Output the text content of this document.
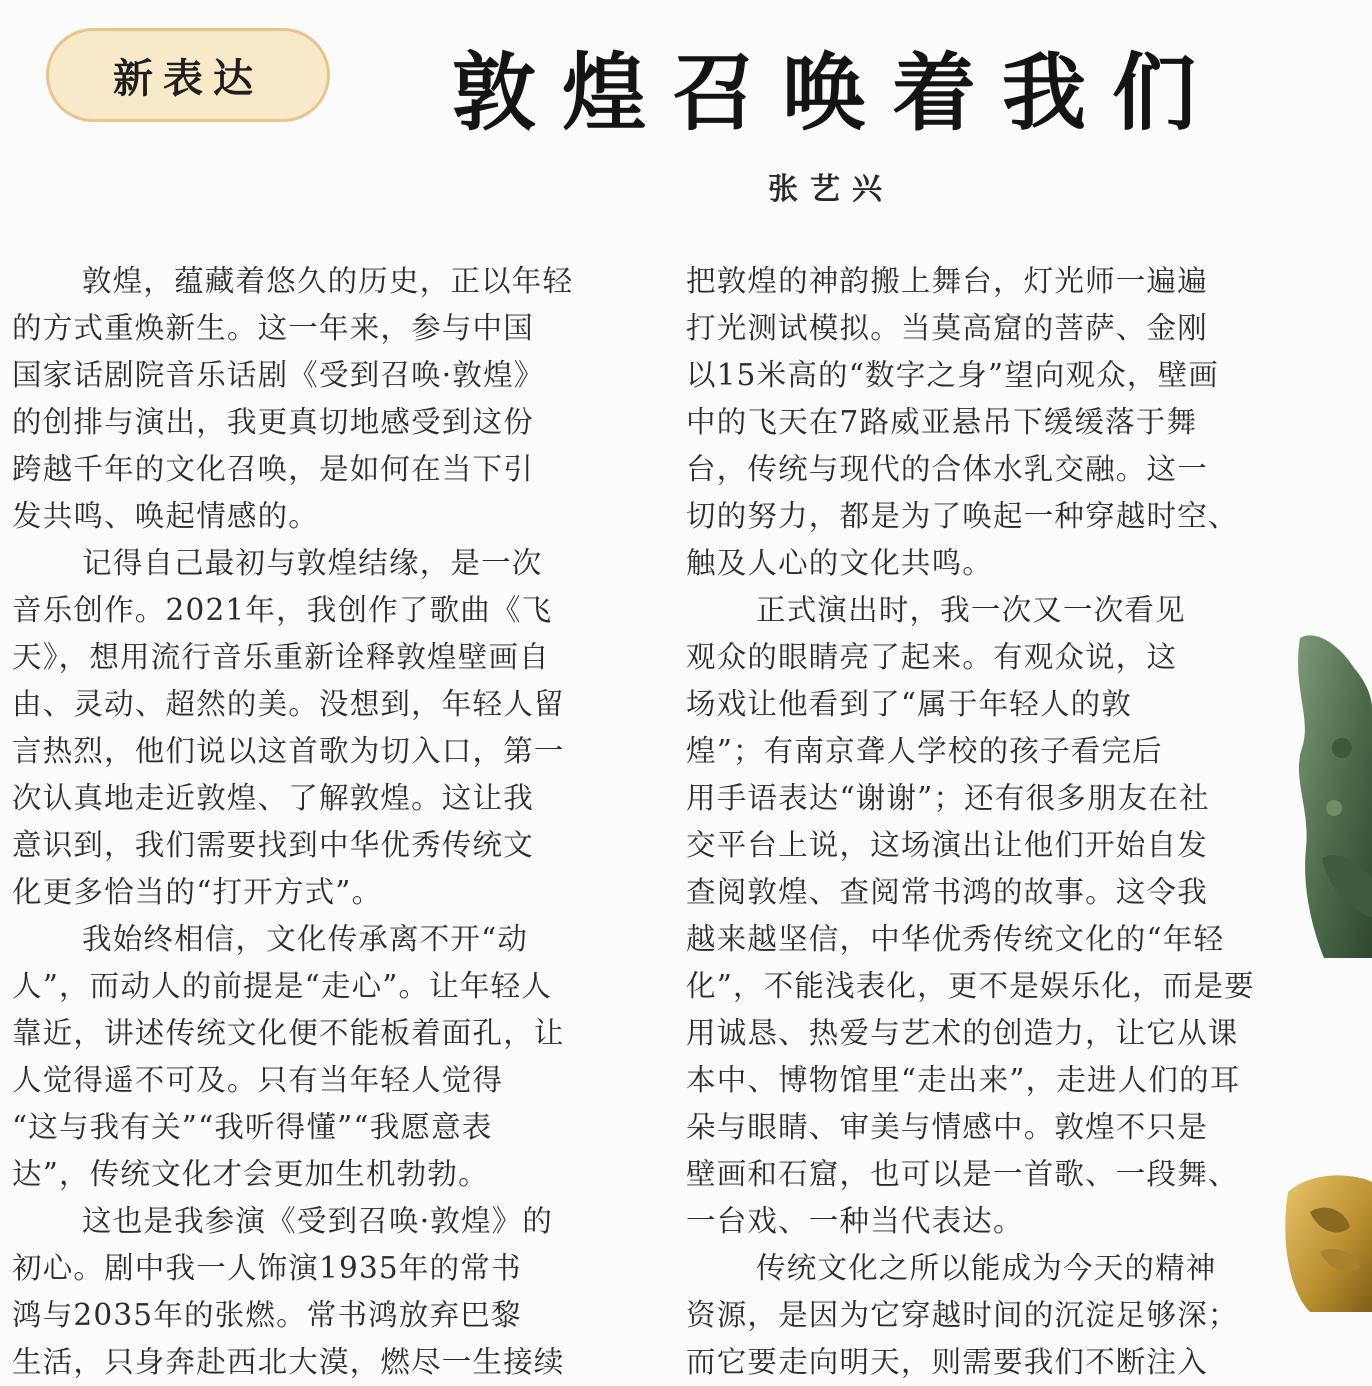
新表达	敦煌召唤着我们
张艺兴
敦煌，蕴藏着悠久的历史，正以年轻
的方式重焕新生。这一年来，参与中国
国家话剧院音乐话剧《受到召唤·敦煌》
的创排与演出，我更真切地感受到这份
跨越千年的文化召唤，是如何在当下引
发共鸣、唤起情感的。
记得自己最初与敦煌结缘，是一次
音乐创作。2021年，我创作了歌曲《飞
天》，想用流行音乐重新诠释敦煌壁画自
由、灵动、超然的美。没想到，年轻人留
言热烈，他们说以这首歌为切入口，第一
次认真地走近敦煌、了解敦煌。这让我
意识到，我们需要找到中华优秀传统文
化更多恰当的“打开方式”。
我始终相信，文化传承离不开“动
人”，而动人的前提是“走心”。让年轻人
靠近，讲述传统文化便不能板着面孔，让
人觉得遥不可及。只有当年轻人觉得
“这与我有关”“我听得懂”“我愿意表
达”，传统文化才会更加生机勃勃。
这也是我参演《受到召唤·敦煌》的
初心。剧中我一人饰演1935年的常书
鸿与2035年的张燃。常书鸿放弃巴黎
生活，只身奔赴西北大漠，燃尽一生接续
把敦煌的神韵搬上舞台，灯光师一遍遍
打光测试模拟。当莫高窟的菩萨、金刚
以15米高的“数字之身”望向观众，壁画
中的飞天在7路威亚悬吊下缓缓落于舞
台，传统与现代的合体水乳交融。这一
切的努力，都是为了唤起一种穿越时空、
触及人心的文化共鸣。
正式演出时，我一次又一次看见
观众的眼睛亮了起来。有观众说，这
场戏让他看到了“属于年轻人的敦
煌”；有南京聋人学校的孩子看完后
用手语表达“谢谢”；还有很多朋友在社
交平台上说，这场演出让他们开始自发
查阅敦煌、查阅常书鸿的故事。这令我
越来越坚信，中华优秀传统文化的“年轻
化”，不能浅表化，更不是娱乐化，而是要
用诚恳、热爱与艺术的创造力，让它从课
本中、博物馆里“走出来”，走进人们的耳
朵与眼睛、审美与情感中。敦煌不只是
壁画和石窟，也可以是一首歌、一段舞、
一台戏、一种当代表达。
传统文化之所以能成为今天的精神
资源，是因为它穿越时间的沉淀足够深；
而它要走向明天，则需要我们不断注入
